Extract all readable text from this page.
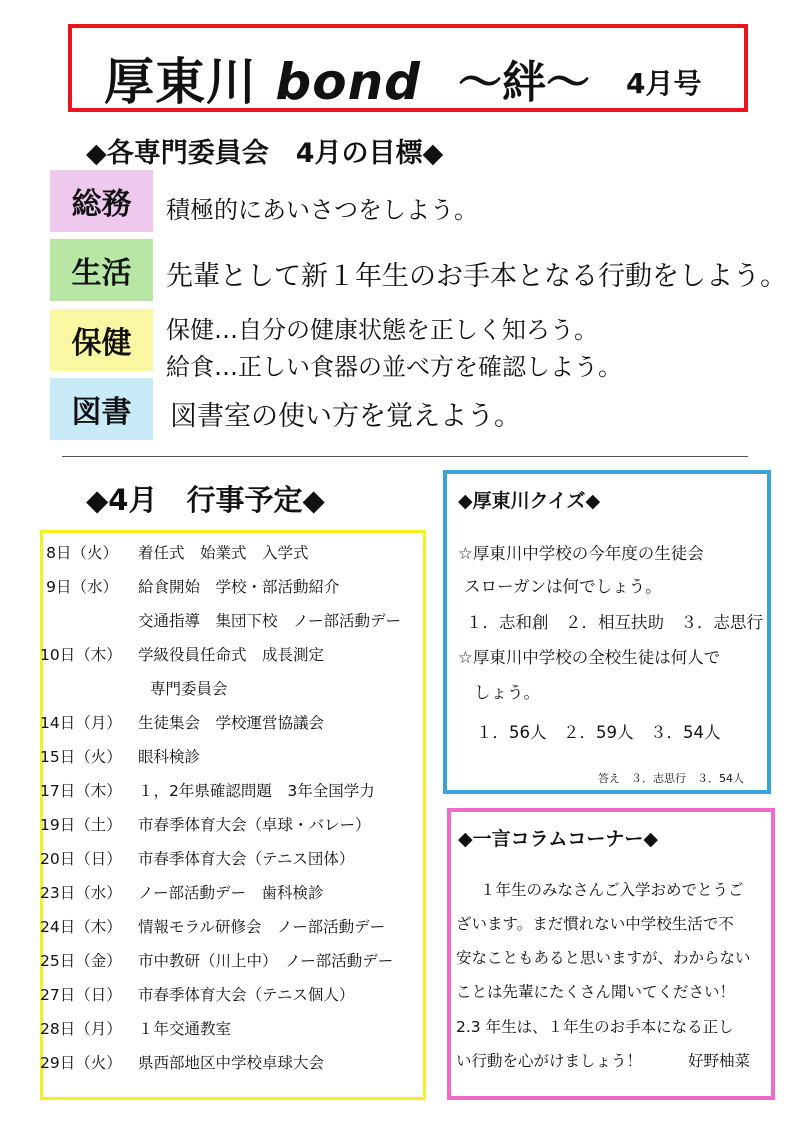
厚東川 bond ～絆～ 4月号
◆各専門委員会　4月の目標◆
総務 積極的にあいさつをしよう。
生活 先輩として新１年生のお手本となる行動をしよう。
保健 保健…自分の健康状態を正しく知ろう。
給食…正しい食器の並べ方を確認しよう。
図書 図書室の使い方を覚えよう。
◆4月　行事予定◆
8日（火） 着任式　始業式　入学式
9日（水） 給食開始　学校・部活動紹介
交通指導　集団下校　ノー部活動デー
10日（木） 学級役員任命式　成長測定
専門委員会
14日（月） 生徒集会　学校運営協議会
15日（火） 眼科検診
17日（木） １，2年県確認問題　3年全国学力
19日（土） 市春季体育大会（卓球・バレー）
20日（日） 市春季体育大会（テニス団体）
23日（水） ノー部活動デー　歯科検診
24日（木） 情報モラル研修会　ノー部活動デー
25日（金） 市中教研（川上中）　ノー部活動デー
27日（日） 市春季体育大会（テニス個人）
28日（月） １年交通教室
29日（火） 県西部地区中学校卓球大会
◆厚東川クイズ◆
☆厚東川中学校の今年度の生徒会
スローガンは何でしょう。
１．志和創　２．相互扶助　３．志思行
☆厚東川中学校の全校生徒は何人で
しょう。
１．56人　２．59人　３．54人
答え　３．志思行　３．54人
◆一言コラムコーナー◆
１年生のみなさんご入学おめでとうご
ざいます。まだ慣れない中学校生活で不
安なこともあると思いますが、わからない
ことは先輩にたくさん聞いてください！
2.3 年生は、１年生のお手本になる正し
い行動を心がけましょう！	好野柚菜
